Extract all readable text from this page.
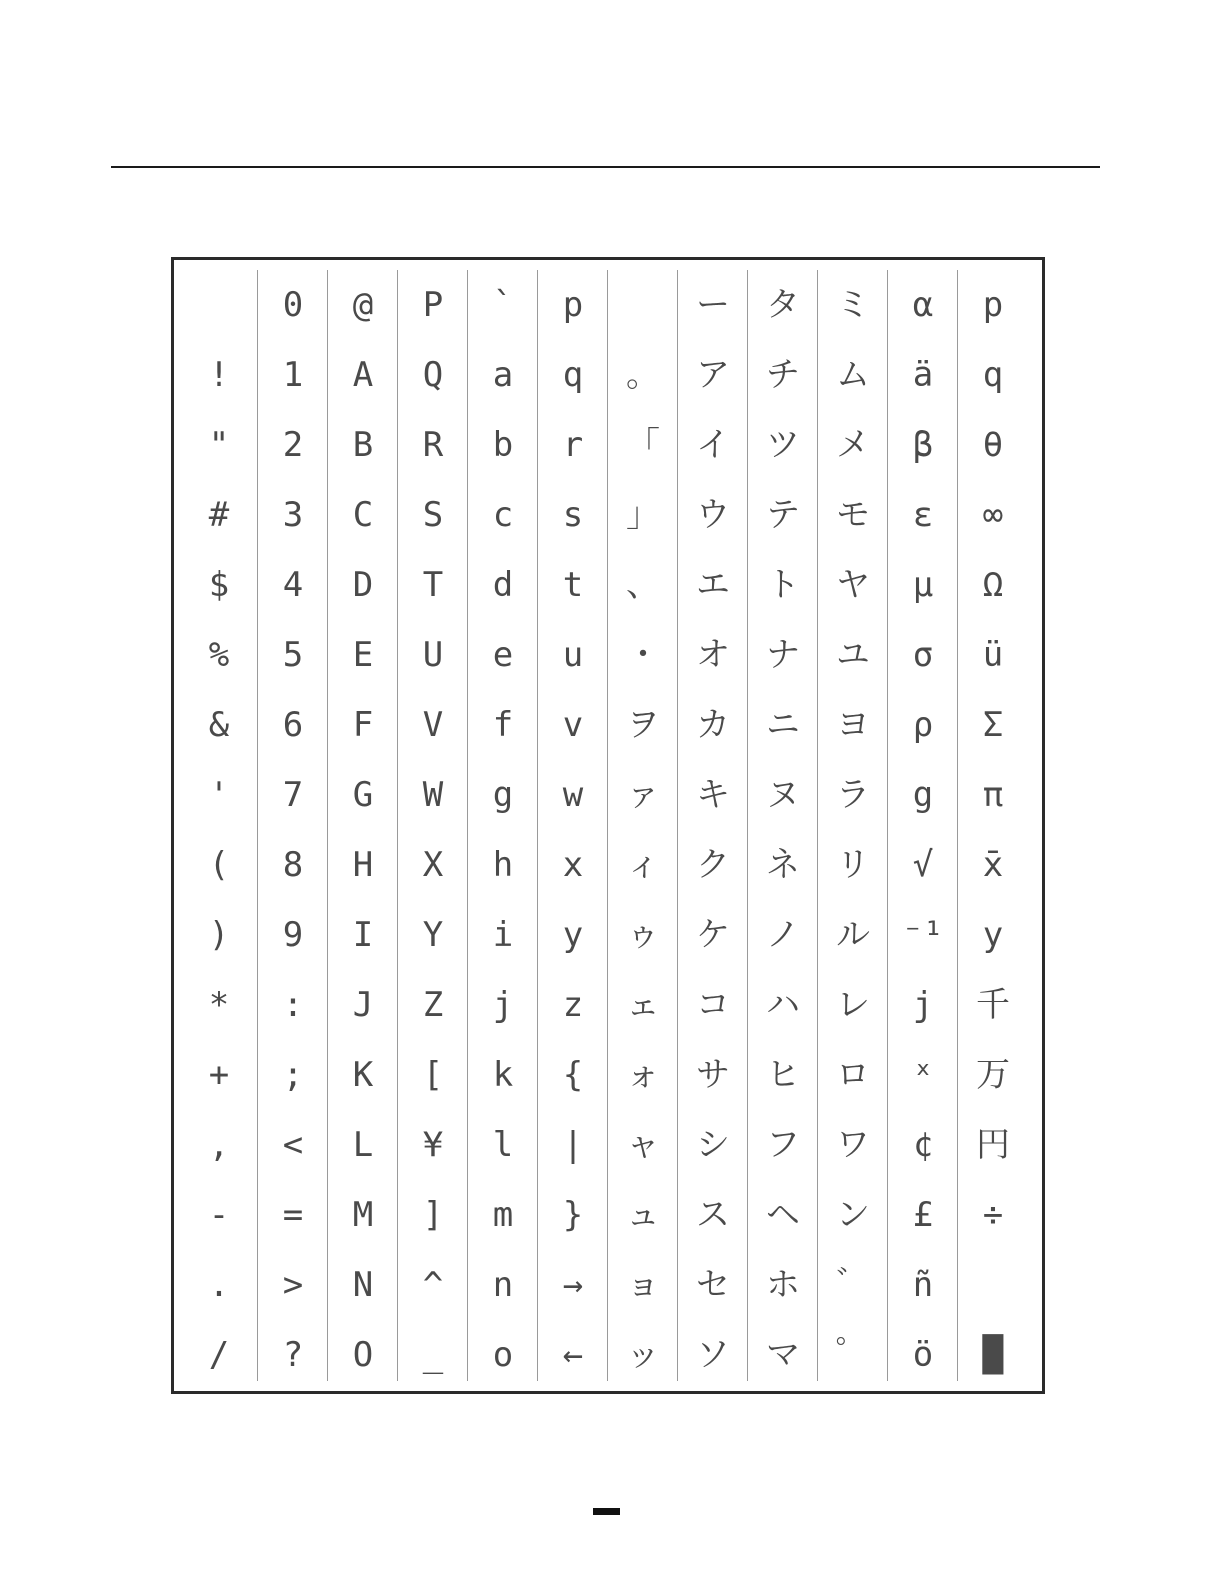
!
"
#
$
%
&
'
(
)
*
+
,
-
.
/
0
1
2
3
4
5
6
7
8
9
:
;
<
=
>
?
@
A
B
C
D
E
F
G
H
I
J
K
L
M
N
O
P
Q
R
S
T
U
V
W
X
Y
Z
[
¥
]
^
_
`
a
b
c
d
e
f
g
h
i
j
k
l
m
n
o
p
q
r
s
t
u
v
w
x
y
z
{
|
}
→
←
。
「
」
、
・
ヲ
ァ
ィ
ゥ
ェ
ォ
ャ
ュ
ョ
ッ
ー
ア
イ
ウ
エ
オ
カ
キ
ク
ケ
コ
サ
シ
ス
セ
ソ
タ
チ
ツ
テ
ト
ナ
ニ
ヌ
ネ
ノ
ハ
ヒ
フ
ヘ
ホ
マ
ミ
ム
メ
モ
ヤ
ユ
ヨ
ラ
リ
ル
レ
ロ
ワ
ン
゛
゜
α
ä
β
ε
μ
σ
ρ
g
√
⁻¹
j
ˣ
¢
£
ñ
ö
p
q
θ
∞
Ω
ü
Σ
π
x̄
y
千
万
円
÷
█
